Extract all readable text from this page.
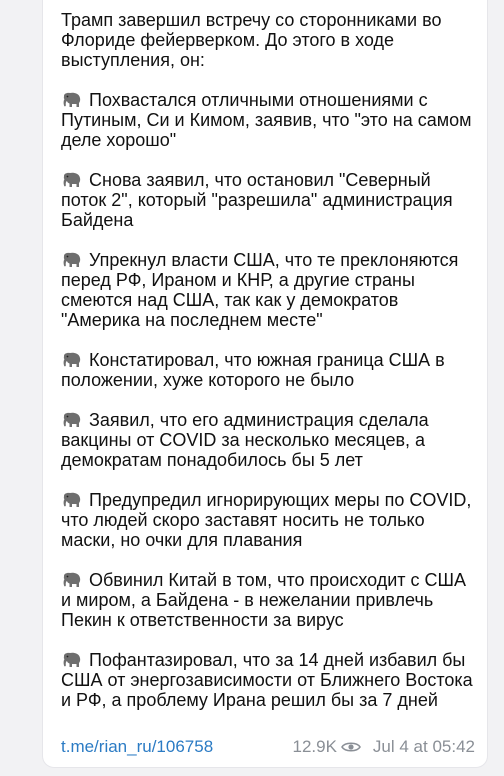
Трамп завершил встречу со сторонниками во Флориде фейерверком. До этого в ходе выступления, он:

Похвастался отличными отношениями с Путиным, Си и Кимом, заявив, что "это на самом деле хорошо"

Снова заявил, что остановил "Северный поток 2", который "разрешила" администрация Байдена

Упрекнул власти США, что те преклоняются перед РФ, Ираном и КНР, а другие страны смеются над США, так как у демократов "Америка на последнем месте"

Констатировал, что южная граница США в положении, хуже которого не было

Заявил, что его администрация сделала вакцины от COVID за несколько месяцев, а демократам понадобилось бы 5 лет

Предупредил игнорирующих меры по COVID, что людей скоро заставят носить не только маски, но очки для плавания

Обвинил Китай в том, что происходит с США и миром, а Байдена - в нежелании привлечь Пекин к ответственности за вирус

Пофантазировал, что за 14 дней избавил бы США от энергозависимости от Ближнего Востока и РФ, а проблему Ирана решил бы за 7 дней

t.me/rian_ru/106758	12.9K Jul 4 at 05:42
